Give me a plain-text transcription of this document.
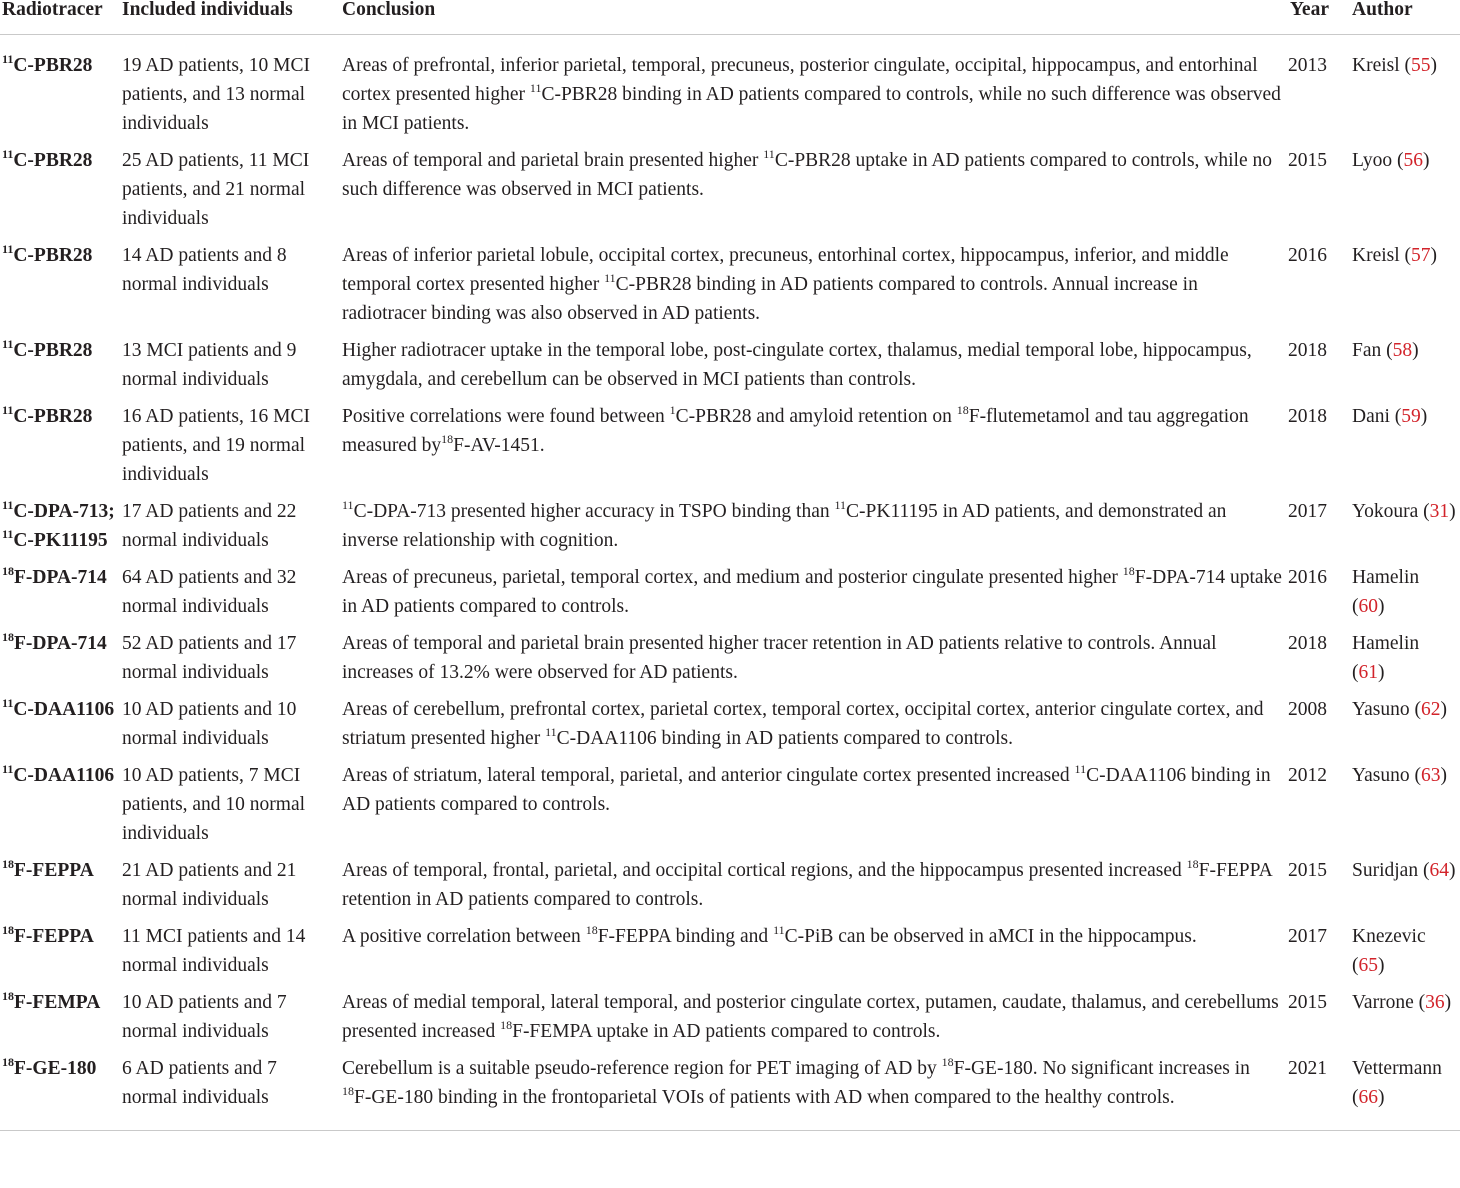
Radiotracer	Included individuals	Conclusion	Year	Author
$^{11}$C-PBR28	19 AD patients, 10 MCI patients, and 13 normal individuals	Areas of prefrontal, inferior parietal, temporal, precuneus, posterior cingulate, occipital, hippocampus, and entorhinal cortex presented higher $^{11}$C-PBR28 binding in AD patients compared to controls, while no such difference was observed in MCI patients.	2013	Kreisl (55)
$^{11}$C-PBR28	25 AD patients, 11 MCI patients, and 21 normal individuals	Areas of temporal and parietal brain presented higher $^{11}$C-PBR28 uptake in AD patients compared to controls, while no such difference was observed in MCI patients.	2015	Lyoo (56)
$^{11}$C-PBR28	14 AD patients and 8 normal individuals	Areas of inferior parietal lobule, occipital cortex, precuneus, entorhinal cortex, hippocampus, inferior, and middle temporal cortex presented higher $^{11}$C-PBR28 binding in AD patients compared to controls. Annual increase in radiotracer binding was also observed in AD patients.	2016	Kreisl (57)
$^{11}$C-PBR28	13 MCI patients and 9 normal individuals	Higher radiotracer uptake in the temporal lobe, post-cingulate cortex, thalamus, medial temporal lobe, hippocampus, amygdala, and cerebellum can be observed in MCI patients than controls.	2018	Fan (58)
$^{11}$C-PBR28	16 AD patients, 16 MCI patients, and 19 normal individuals	Positive correlations were found between $^1$C-PBR28 and amyloid retention on $^{18}$F-flutemetamol and tau aggregation measured $by^{18}F-AV-1451$.	2018	Dani (59)
$^{11}$C-DPA-713; $^{11}$C-PK11195	17 AD patients and 22 normal individuals	$^{11}$C-DPA-713 presented higher accuracy in TSPO binding than $^{11}$C-PK11195 in AD patients, and demonstrated an inverse relationship with cognition.	2017	Yokoura (31)
$^{18}$F-DPA-714	64 AD patients and 32 normal individuals	Areas of precuneus, parietal, temporal cortex, and medium and posterior cingulate presented higher $^{18}$F-DPA-714 uptake in AD patients compared to controls.	2016	Hamelin (60)
$^{18}$F-DPA-714	52 AD patients and 17 normal individuals	Areas of temporal and parietal brain presented higher tracer retention in AD patients relative to controls. Annual increases of 13.2% were observed for AD patients.	2018	Hamelin (61)
$^{11}$C-DAA1106	10 AD patients and 10 normal individuals	Areas of cerebellum, prefrontal cortex, parietal cortex, temporal cortex, occipital cortex, anterior cingulate cortex, and striatum presented higher $^{11}$C-DAA1106 binding in AD patients compared to controls.	2008	Yasuno (62)
$^{11}$C-DAA1106	10 AD patients, 7 MCI patients, and 10 normal individuals	Areas of striatum, lateral temporal, parietal, and anterior cingulate cortex presented increased $^{11}$C-DAA1106 binding in AD patients compared to controls.	2012	Yasuno (63)
$^{18}$F-FEPPA	21 AD patients and 21 normal individuals	Areas of temporal, frontal, parietal, and occipital cortical regions, and the hippocampus presented increased $^{18}$F-FEPPA retention in AD patients compared to controls.	2015	Suridjan (64)
$^{18}$F-FEPPA	11 MCI patients and 14 normal individuals	A positive correlation between $^{18}$F-FEPPA binding and $^{11}$C-PiB can be observed in aMCI in the hippocampus.	2017	Knezevic (65)
$^{18}$F-FEMPA	10 AD patients and 7 normal individuals	Areas of medial temporal, lateral temporal, and posterior cingulate cortex, putamen, caudate, thalamus, and cerebellums presented increased $^{18}$F-FEMPA uptake in AD patients compared to controls.	2015	Varrone (36)
$^{18}$F-GE-180	6 AD patients and 7 normal individuals	Cerebellum is a suitable pseudo-reference region for PET imaging of AD by $^{18}$F-GE-180. No significant increases in $^{18}$F-GE-180 binding in the frontoparietal VOIs of patients with AD when compared to the healthy controls.	2021	Vettermann (66)
